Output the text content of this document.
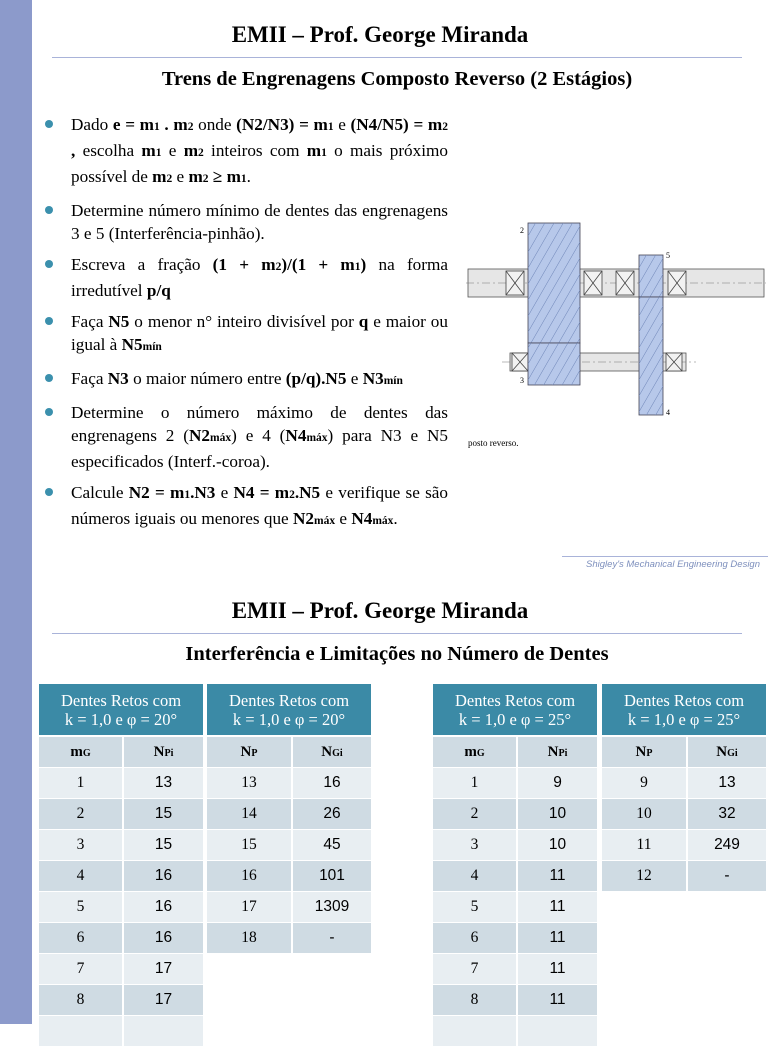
EMII – Prof. George Miranda
Trens de Engrenagens Composto Reverso (2 Estágios)
Dado e = m1 . m2 onde (N2/N3) = m1 e (N4/N5) = m2 , escolha m1 e m2 inteiros com m1 o mais próximo possível de m2 e m2 ≥ m1.
Determine número mínimo de dentes das engrenagens 3 e 5 (Interferência-pinhão).
Escreva a fração (1 + m2)/(1 + m1) na forma irredutível p/q
Faça N5 o menor n° inteiro divisível por q e maior ou igual à N5mín
Faça N3 o maior número entre (p/q).N5 e N3mín
Determine o número máximo de dentes das engrenagens 2 (N2máx) e 4 (N4máx) para N3 e N5 especificados (Interf.-coroa).
Calcule N2 = m1.N3 e N4 = m2.N5 e verifique se são números iguais ou menores que N2máx e N4máx.
2
3
5
4
posto reverso.
Shigley's Mechanical Engineering Design
EMII – Prof. George Miranda
Interferência e Limitações no Número de Dentes
Dentes Retos com
k = 1,0 e φ = 20°	
mG	NPi
1	13
2	15
3	15
4	16
5	16
6	16
7	17
8	17

Dentes Retos com
k = 1,0 e φ = 20°	
NP	NGi
13	16
14	26
15	45
16	101
17	1309
18	-
Dentes Retos com
k = 1,0 e φ = 25°	
mG	NPi
1	9
2	10
3	10
4	11
5	11
6	11
7	11
8	11

Dentes Retos com
k = 1,0 e φ = 25°	
NP	NGi
9	13
10	32
11	249
12	-
